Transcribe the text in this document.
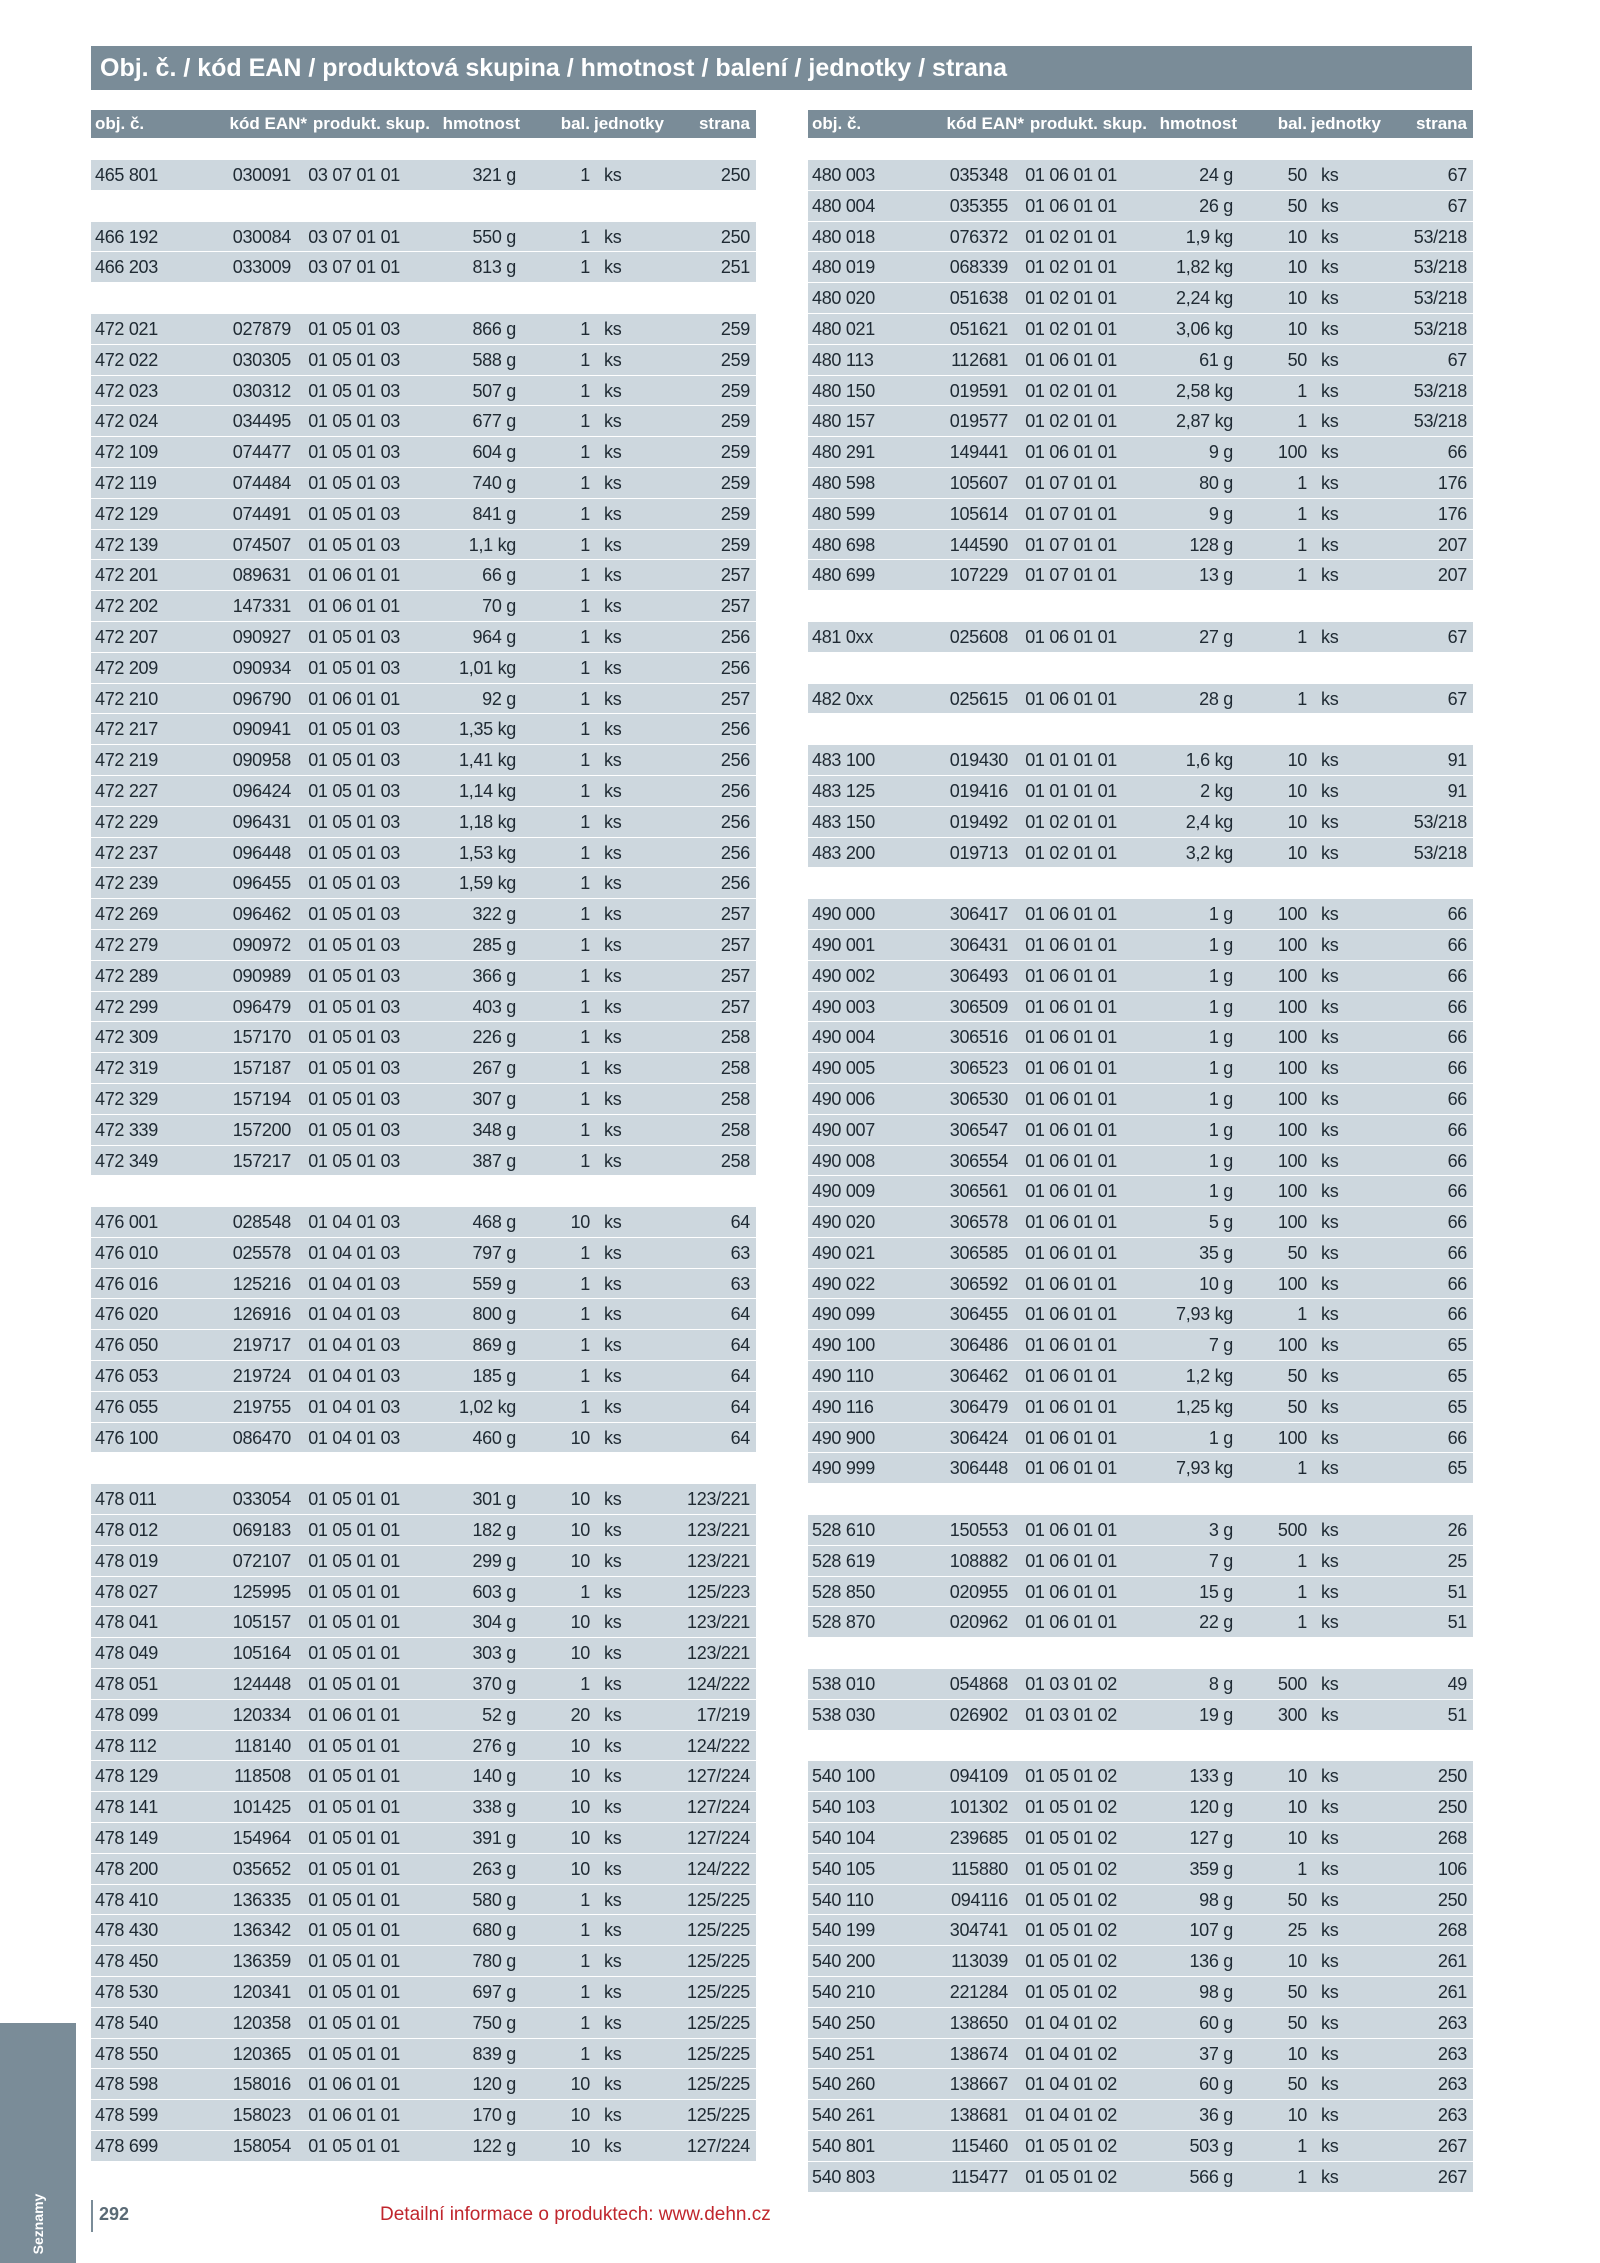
Obj. č. / kód EAN / produktová skupina / hmotnost / balení / jednotky / strana
obj. č.	kód EAN* produkt. skup. hmotnost	bal. jednotky	strana
465 801	030091 03 07 01 01	321 g	1 ks	250
466 192	030084 03 07 01 01	550 g	1 ks	250
466 203	033009 03 07 01 01	813 g	1 ks	251
472 021	027879 01 05 01 03	866 g	1 ks	259
472 022	030305 01 05 01 03	588 g	1 ks	259
472 023	030312 01 05 01 03	507 g	1 ks	259
472 024	034495 01 05 01 03	677 g	1 ks	259
472 109	074477 01 05 01 03	604 g	1 ks	259
472 119	074484 01 05 01 03	740 g	1 ks	259
472 129	074491 01 05 01 03	841 g	1 ks	259
472 139	074507 01 05 01 03	1,1 kg	1 ks	259
472 201	089631 01 06 01 01	66 g	1 ks	257
472 202	147331 01 06 01 01	70 g	1 ks	257
472 207	090927 01 05 01 03	964 g	1 ks	256
472 209	090934 01 05 01 03	1,01 kg	1 ks	256
472 210	096790 01 06 01 01	92 g	1 ks	257
472 217	090941 01 05 01 03	1,35 kg	1 ks	256
472 219	090958 01 05 01 03	1,41 kg	1 ks	256
472 227	096424 01 05 01 03	1,14 kg	1 ks	256
472 229	096431 01 05 01 03	1,18 kg	1 ks	256
472 237	096448 01 05 01 03	1,53 kg	1 ks	256
472 239	096455 01 05 01 03	1,59 kg	1 ks	256
472 269	096462 01 05 01 03	322 g	1 ks	257
472 279	090972 01 05 01 03	285 g	1 ks	257
472 289	090989 01 05 01 03	366 g	1 ks	257
472 299	096479 01 05 01 03	403 g	1 ks	257
472 309	157170 01 05 01 03	226 g	1 ks	258
472 319	157187 01 05 01 03	267 g	1 ks	258
472 329	157194 01 05 01 03	307 g	1 ks	258
472 339	157200 01 05 01 03	348 g	1 ks	258
472 349	157217 01 05 01 03	387 g	1 ks	258
476 001	028548 01 04 01 03	468 g	10 ks	64
476 010	025578 01 04 01 03	797 g	1 ks	63
476 016	125216 01 04 01 03	559 g	1 ks	63
476 020	126916 01 04 01 03	800 g	1 ks	64
476 050	219717 01 04 01 03	869 g	1 ks	64
476 053	219724 01 04 01 03	185 g	1 ks	64
476 055	219755 01 04 01 03	1,02 kg	1 ks	64
476 100	086470 01 04 01 03	460 g	10 ks	64
478 011	033054 01 05 01 01	301 g	10 ks	123/221
478 012	069183 01 05 01 01	182 g	10 ks	123/221
478 019	072107 01 05 01 01	299 g	10 ks	123/221
478 027	125995 01 05 01 01	603 g	1 ks	125/223
478 041	105157 01 05 01 01	304 g	10 ks	123/221
478 049	105164 01 05 01 01	303 g	10 ks	123/221
478 051	124448 01 05 01 01	370 g	1 ks	124/222
478 099	120334 01 06 01 01	52 g	20 ks	17/219
478 112	118140 01 05 01 01	276 g	10 ks	124/222
478 129	118508 01 05 01 01	140 g	10 ks	127/224
478 141	101425 01 05 01 01	338 g	10 ks	127/224
478 149	154964 01 05 01 01	391 g	10 ks	127/224
478 200	035652 01 05 01 01	263 g	10 ks	124/222
478 410	136335 01 05 01 01	580 g	1 ks	125/225
478 430	136342 01 05 01 01	680 g	1 ks	125/225
478 450	136359 01 05 01 01	780 g	1 ks	125/225
478 530	120341 01 05 01 01	697 g	1 ks	125/225
478 540	120358 01 05 01 01	750 g	1 ks	125/225
478 550	120365 01 05 01 01	839 g	1 ks	125/225
478 598	158016 01 06 01 01	120 g	10 ks	125/225
478 599	158023 01 06 01 01	170 g	10 ks	125/225
478 699	158054 01 05 01 01	122 g	10 ks	127/224
obj. č.	kód EAN* produkt. skup. hmotnost	bal. jednotky	strana
480 003	035348 01 06 01 01	24 g	50 ks	67
480 004	035355 01 06 01 01	26 g	50 ks	67
480 018	076372 01 02 01 01	1,9 kg	10 ks	53/218
480 019	068339 01 02 01 01	1,82 kg	10 ks	53/218
480 020	051638 01 02 01 01	2,24 kg	10 ks	53/218
480 021	051621 01 02 01 01	3,06 kg	10 ks	53/218
480 113	112681 01 06 01 01	61 g	50 ks	67
480 150	019591 01 02 01 01	2,58 kg	1 ks	53/218
480 157	019577 01 02 01 01	2,87 kg	1 ks	53/218
480 291	149441 01 06 01 01	9 g	100 ks	66
480 598	105607 01 07 01 01	80 g	1 ks	176
480 599	105614 01 07 01 01	9 g	1 ks	176
480 698	144590 01 07 01 01	128 g	1 ks	207
480 699	107229 01 07 01 01	13 g	1 ks	207
481 0xx	025608 01 06 01 01	27 g	1 ks	67
482 0xx	025615 01 06 01 01	28 g	1 ks	67
483 100	019430 01 01 01 01	1,6 kg	10 ks	91
483 125	019416 01 01 01 01	2 kg	10 ks	91
483 150	019492 01 02 01 01	2,4 kg	10 ks	53/218
483 200	019713 01 02 01 01	3,2 kg	10 ks	53/218
490 000	306417 01 06 01 01	1 g	100 ks	66
490 001	306431 01 06 01 01	1 g	100 ks	66
490 002	306493 01 06 01 01	1 g	100 ks	66
490 003	306509 01 06 01 01	1 g	100 ks	66
490 004	306516 01 06 01 01	1 g	100 ks	66
490 005	306523 01 06 01 01	1 g	100 ks	66
490 006	306530 01 06 01 01	1 g	100 ks	66
490 007	306547 01 06 01 01	1 g	100 ks	66
490 008	306554 01 06 01 01	1 g	100 ks	66
490 009	306561 01 06 01 01	1 g	100 ks	66
490 020	306578 01 06 01 01	5 g	100 ks	66
490 021	306585 01 06 01 01	35 g	50 ks	66
490 022	306592 01 06 01 01	10 g	100 ks	66
490 099	306455 01 06 01 01	7,93 kg	1 ks	66
490 100	306486 01 06 01 01	7 g	100 ks	65
490 110	306462 01 06 01 01	1,2 kg	50 ks	65
490 116	306479 01 06 01 01	1,25 kg	50 ks	65
490 900	306424 01 06 01 01	1 g	100 ks	66
490 999	306448 01 06 01 01	7,93 kg	1 ks	65
528 610	150553 01 06 01 01	3 g	500 ks	26
528 619	108882 01 06 01 01	7 g	1 ks	25
528 850	020955 01 06 01 01	15 g	1 ks	51
528 870	020962 01 06 01 01	22 g	1 ks	51
538 010	054868 01 03 01 02	8 g	500 ks	49
538 030	026902 01 03 01 02	19 g	300 ks	51
540 100	094109 01 05 01 02	133 g	10 ks	250
540 103	101302 01 05 01 02	120 g	10 ks	250
540 104	239685 01 05 01 02	127 g	10 ks	268
540 105	115880 01 05 01 02	359 g	1 ks	106
540 110	094116 01 05 01 02	98 g	50 ks	250
540 199	304741 01 05 01 02	107 g	25 ks	268
540 200	113039 01 05 01 02	136 g	10 ks	261
540 210	221284 01 05 01 02	98 g	50 ks	261
540 250	138650 01 04 01 02	60 g	50 ks	263
540 251	138674 01 04 01 02	37 g	10 ks	263
540 260	138667 01 04 01 02	60 g	50 ks	263
540 261	138681 01 04 01 02	36 g	10 ks	263
540 801	115460 01 05 01 02	503 g	1 ks	267
540 803	115477 01 05 01 02	566 g	1 ks	267
Seznamy	292	Detailní informace o produktech: www.dehn.cz
